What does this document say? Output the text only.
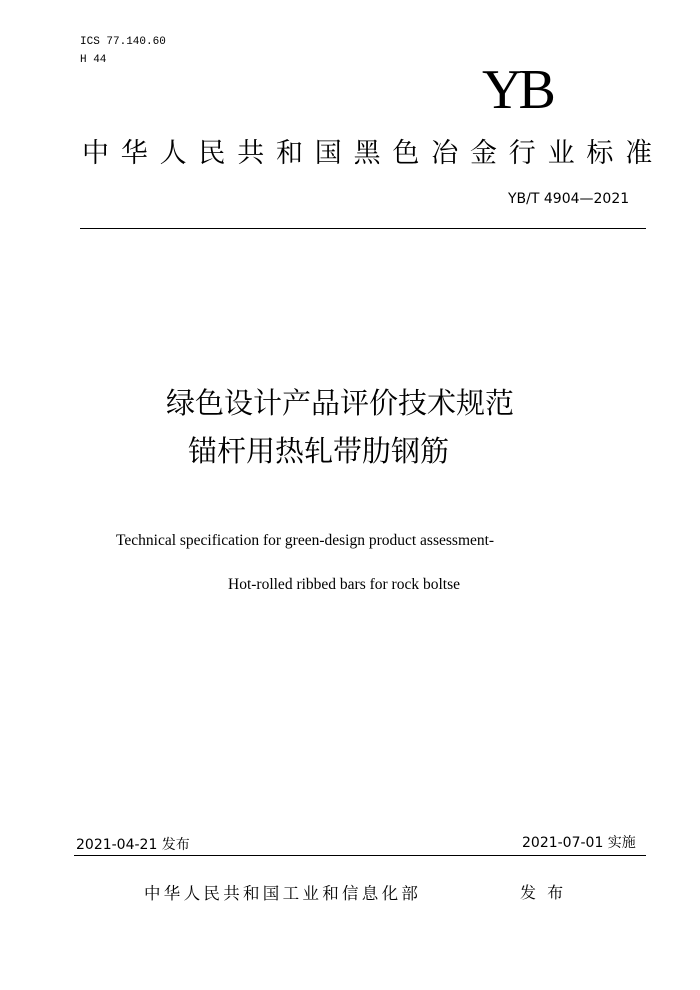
ICS 77.140.60
H 44	YB
中华人民共和国黑色冶金行业标准
YB/T 4904—2021
绿色设计产品评价技术规范
锚杆用热轧带肋钢筋
Technical specification for green-design product assessment-
Hot-rolled ribbed bars for rock boltse
2021-04-21 发布	2021-07-01 实施
中华人民共和国工业和信息化部	发 布
